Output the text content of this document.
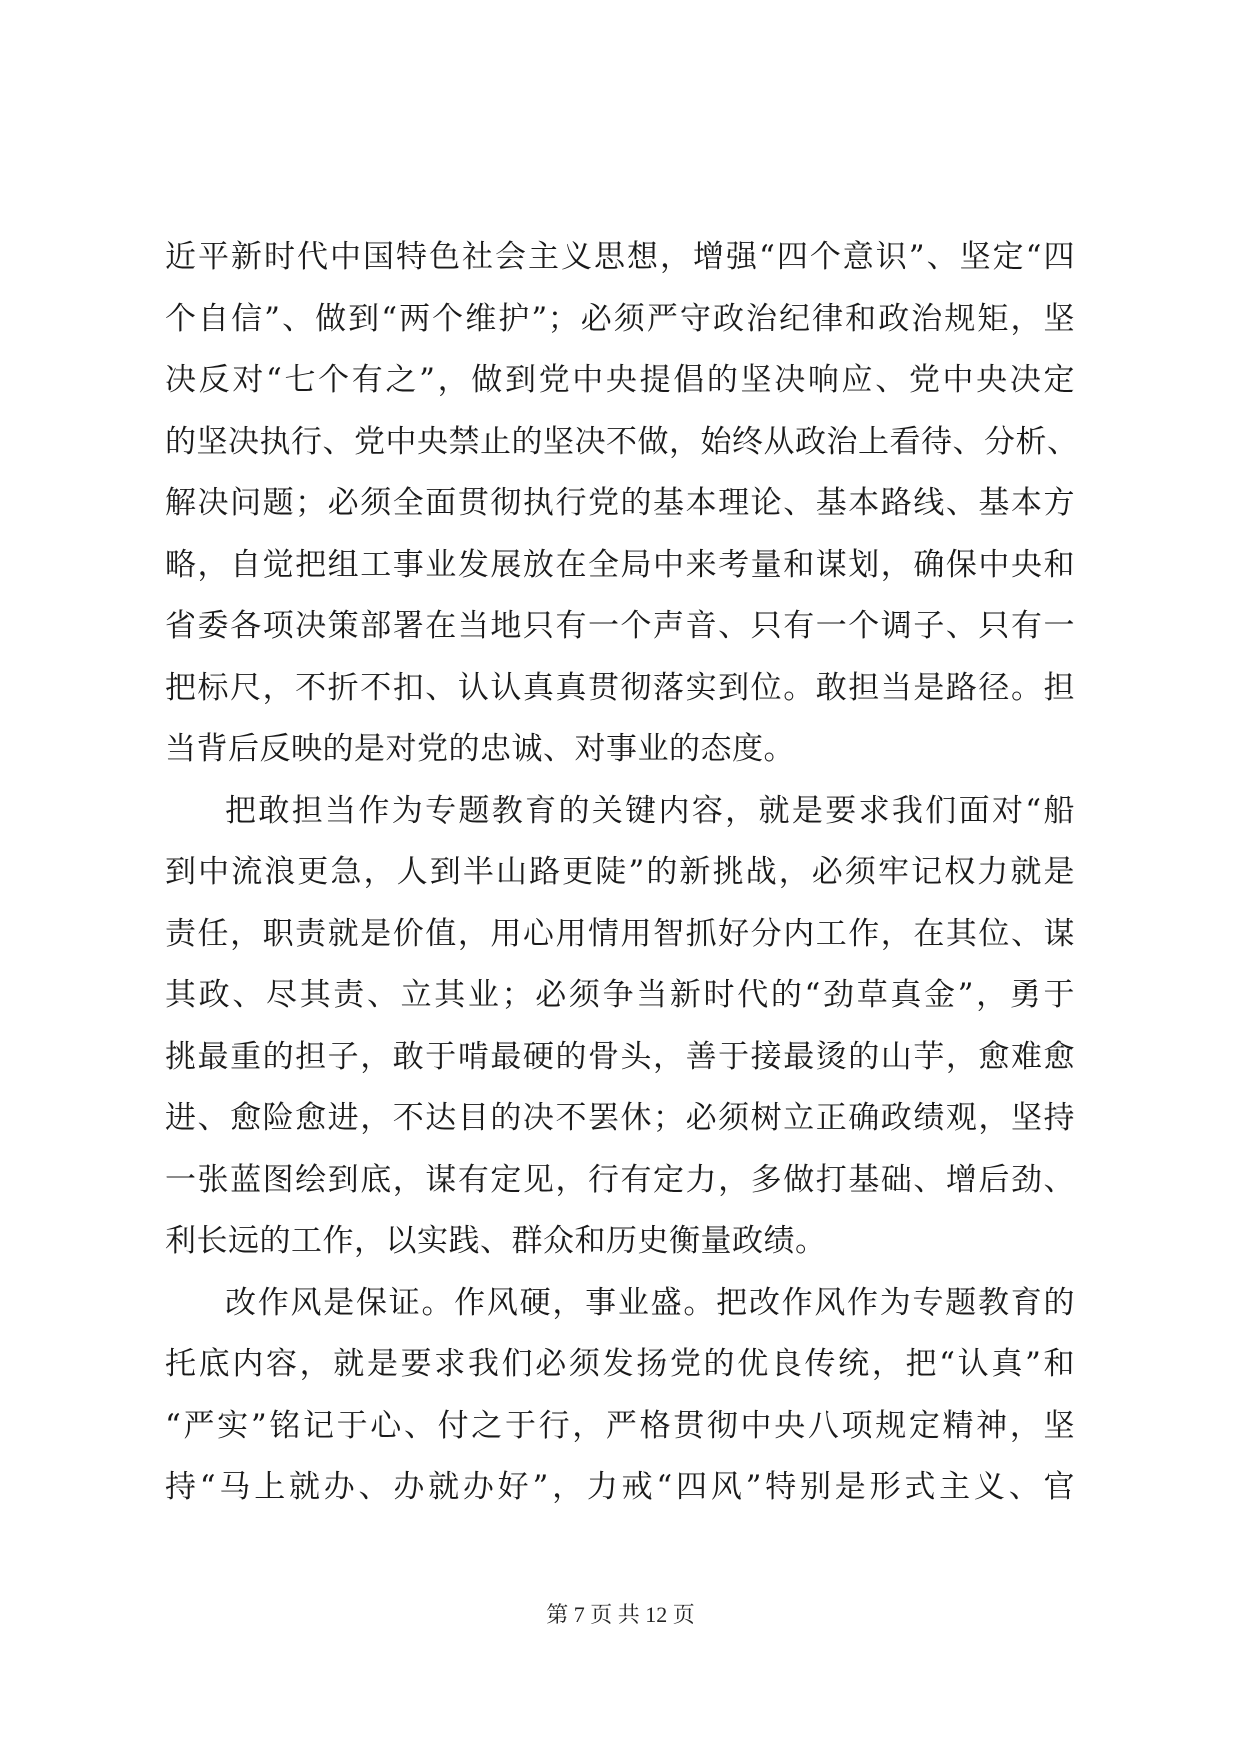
近平新时代中国特色社会主义思想，增强“四个意识”、坚定“四
个自信”、做到“两个维护”；必须严守政治纪律和政治规矩，坚
决反对“七个有之”，做到党中央提倡的坚决响应、党中央决定
的坚决执行、党中央禁止的坚决不做，始终从政治上看待、分析、
解决问题；必须全面贯彻执行党的基本理论、基本路线、基本方
略，自觉把组工事业发展放在全局中来考量和谋划，确保中央和
省委各项决策部署在当地只有一个声音、只有一个调子、只有一
把标尺，不折不扣、认认真真贯彻落实到位。敢担当是路径。担
当背后反映的是对党的忠诚、对事业的态度。

把敢担当作为专题教育的关键内容，就是要求我们面对“船
到中流浪更急，人到半山路更陡”的新挑战，必须牢记权力就是
责任，职责就是价值，用心用情用智抓好分内工作，在其位、谋
其政、尽其责、立其业；必须争当新时代的“劲草真金”，勇于
挑最重的担子，敢于啃最硬的骨头，善于接最烫的山芋，愈难愈
进、愈险愈进，不达目的决不罢休；必须树立正确政绩观，坚持
一张蓝图绘到底，谋有定见，行有定力，多做打基础、增后劲、
利长远的工作，以实践、群众和历史衡量政绩。

改作风是保证。作风硬，事业盛。把改作风作为专题教育的
托底内容，就是要求我们必须发扬党的优良传统，把“认真”和
“严实”铭记于心、付之于行，严格贯彻中央八项规定精神，坚
持“马上就办、办就办好”，力戒“四风”特别是形式主义、官

第 7 页 共 12 页
